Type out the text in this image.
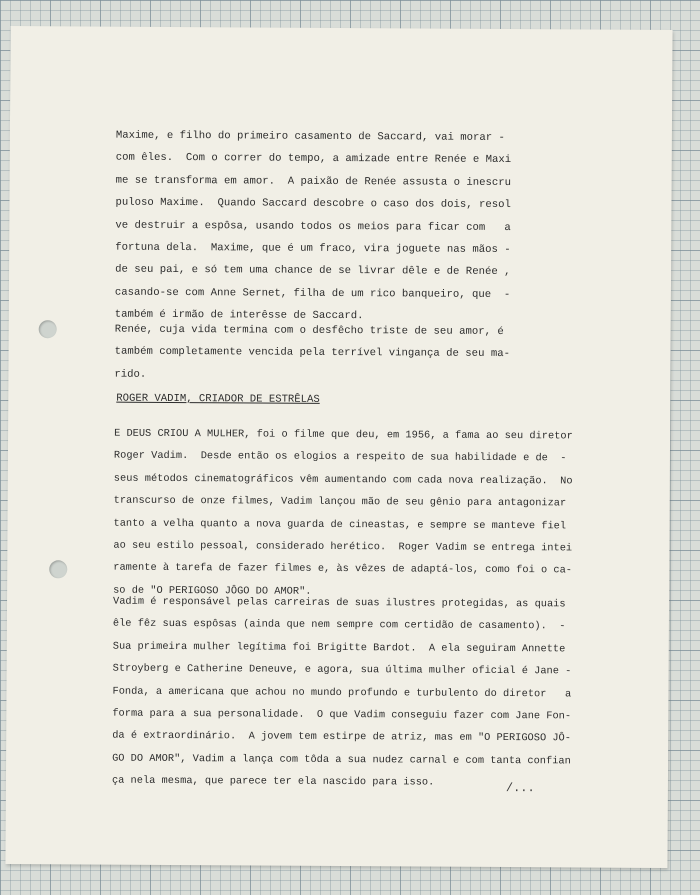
Maxime, e filho do primeiro casamento de Saccard, vai morar -
com êles.  Com o correr do tempo, a amizade entre Renée e Maxi
me se transforma em amor.  A paixão de Renée assusta o inescru
puloso Maxime.  Quando Saccard descobre o caso dos dois, resol
ve destruir a espôsa, usando todos os meios para ficar com   a
fortuna dela.  Maxime, que é um fraco, vira joguete nas mãos -
de seu pai, e só tem uma chance de se livrar dêle e de Renée ,
casando-se com Anne Sernet, filha de um rico banqueiro, que  -
também é irmão de interêsse de Saccard.
Renée, cuja vida termina com o desfêcho triste de seu amor, é
também completamente vencida pela terrível vingança de seu ma-
rido.
ROGER VADIM, CRIADOR DE ESTRÊLAS
E DEUS CRIOU A MULHER, foi o filme que deu, em 1956, a fama ao seu diretor
Roger Vadim.  Desde então os elogios a respeito de sua habilidade e de  -
seus métodos cinematográficos vêm aumentando com cada nova realização.  No
transcurso de onze filmes, Vadim lançou mão de seu gênio para antagonizar
tanto a velha quanto a nova guarda de cineastas, e sempre se manteve fiel
ao seu estilo pessoal, considerado herético.  Roger Vadim se entrega intei
ramente à tarefa de fazer filmes e, às vêzes de adaptá-los, como foi o ca-
so de "O PERIGOSO JÔGO DO AMOR".
Vadim é responsável pelas carreiras de suas ilustres protegidas, as quais
êle fêz suas espôsas (ainda que nem sempre com certidão de casamento).  -
Sua primeira mulher legítima foi Brigitte Bardot.  A ela seguiram Annette
Stroyberg e Catherine Deneuve, e agora, sua última mulher oficial é Jane -
Fonda, a americana que achou no mundo profundo e turbulento do diretor   a
forma para a sua personalidade.  O que Vadim conseguiu fazer com Jane Fon-
da é extraordinário.  A jovem tem estirpe de atriz, mas em "O PERIGOSO JÔ-
GO DO AMOR", Vadim a lança com tôda a sua nudez carnal e com tanta confian
ça nela mesma, que parece ter ela nascido para isso.	/...
